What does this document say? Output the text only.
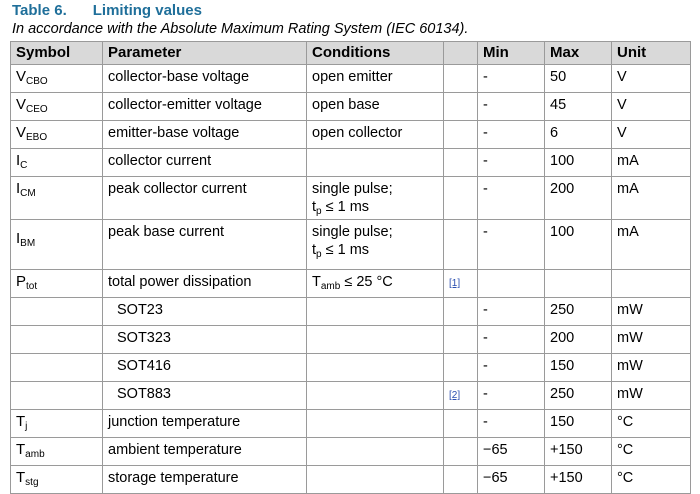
Table 6. Limiting values
In accordance with the Absolute Maximum Rating System (IEC 60134).
Symbol	Parameter	Conditions		Min	Max	Unit
$V_{CBO}$	collector-base voltage	open emitter		-	50	V
$V_{CEO}$	collector-emitter voltage	open base		-	45	V
$V_{EBO}$	emitter-base voltage	open collector		-	6	V
$I_C$	collector current			-	100	mA
$I_{CM}$	peak collector current	single pulse;
$t_p \le 1$ ms		-	200	mA
$I_{BM}$	peak base current	single pulse;
$t_p \le 1$ ms		-	100	mA
$P_{tot}$	total power dissipation	$T_{amb} \le 25$ °C	[1]			
	SOT23			-	250	mW
	SOT323			-	200	mW
	SOT416			-	150	mW
	SOT883		[2]	-	250	mW
$T_j$	junction temperature			-	150	°C
$T_{amb}$	ambient temperature			−65	+150	°C
$T_{stg}$	storage temperature			−65	+150	°C
